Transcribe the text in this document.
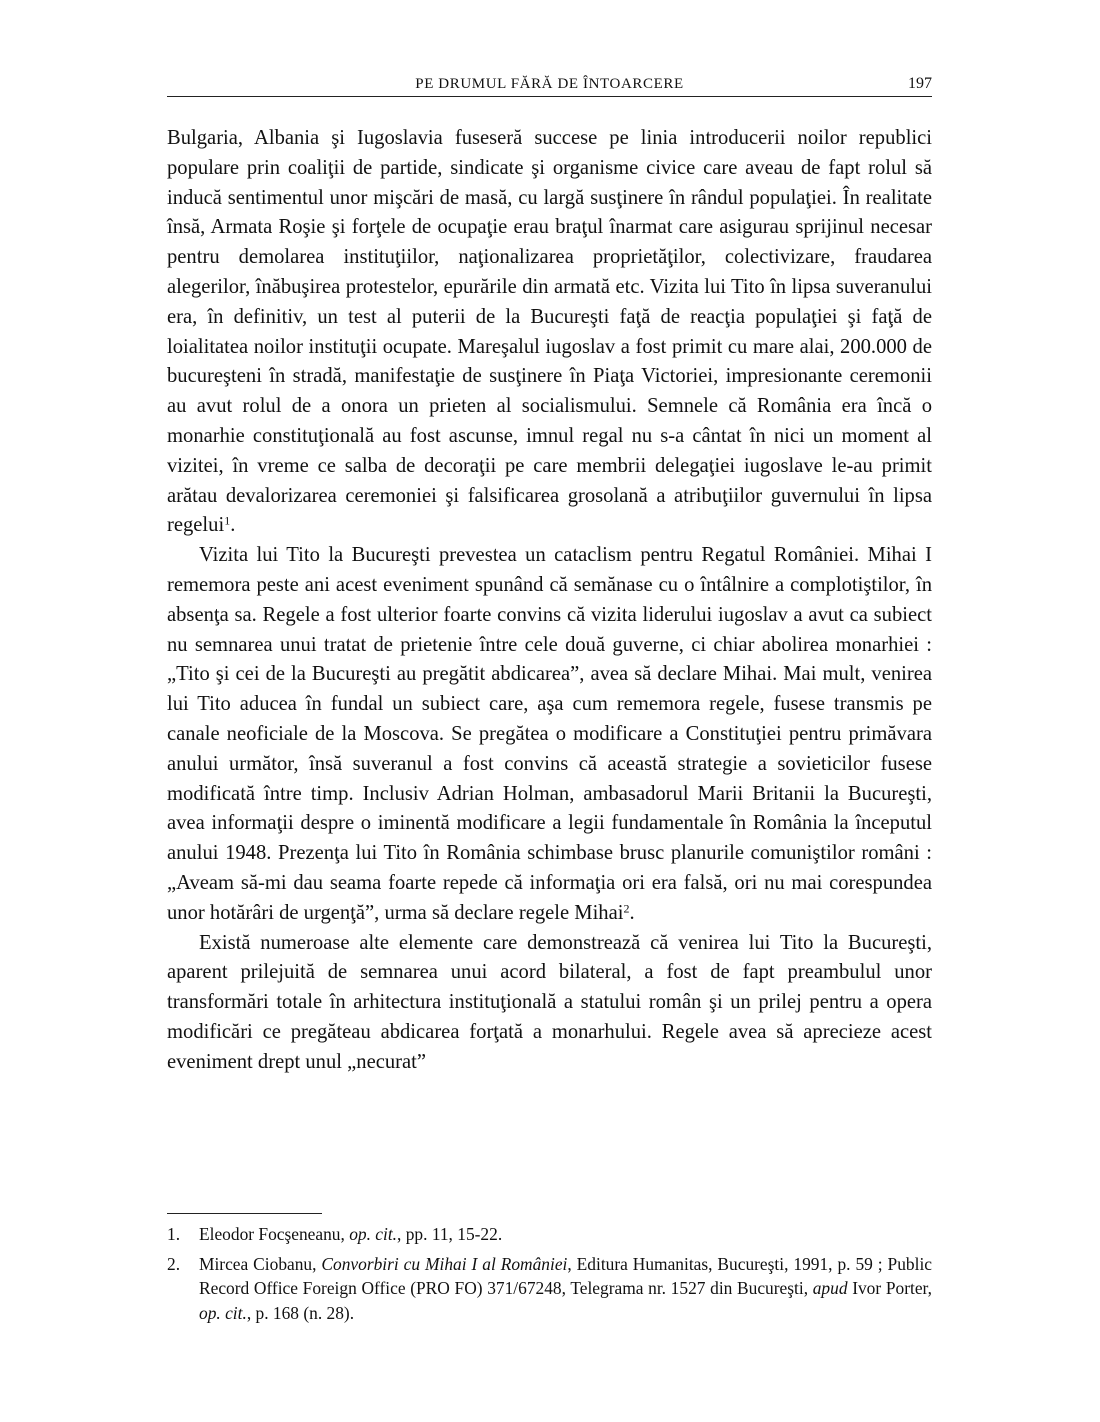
PE DRUMUL FĂRĂ DE ÎNTOARCERE	197

Bulgaria, Albania şi Iugoslavia fuseseră succese pe linia introducerii noilor republici populare prin coaliţii de partide, sindicate şi organisme civice care aveau de fapt rolul să inducă sentimentul unor mişcări de masă, cu largă susţinere în rândul populaţiei. În realitate însă, Armata Roşie şi forţele de ocupaţie erau braţul înarmat care asigurau sprijinul necesar pentru demolarea instituţiilor, naţionalizarea proprietăţilor, colectivizare, fraudarea alegerilor, înăbuşirea protestelor, epurările din armată etc. Vizita lui Tito în lipsa suveranului era, în definitiv, un test al puterii de la Bucureşti faţă de reacţia populaţiei şi faţă de loialitatea noilor instituţii ocupate. Mareşalul iugoslav a fost primit cu mare alai, 200.000 de bucureşteni în stradă, manifestaţie de susţinere în Piaţa Victoriei, impresionante ceremonii au avut rolul de a onora un prieten al socialismului. Semnele că România era încă o monarhie constituţională au fost ascunse, imnul regal nu s-a cântat în nici un moment al vizitei, în vreme ce salba de decoraţii pe care membrii delegaţiei iugoslave le-au primit arătau devalorizarea ceremoniei şi falsificarea grosolană a atribuţiilor guvernului în lipsa regelui$^1$.

Vizita lui Tito la Bucureşti prevestea un cataclism pentru Regatul României. Mihai I rememora peste ani acest eveniment spunând că semănase cu o întâlnire a complotiştilor, în absenţa sa. Regele a fost ulterior foarte convins că vizita liderului iugoslav a avut ca subiect nu semnarea unui tratat de prietenie între cele două guverne, ci chiar abolirea monarhiei : „Tito şi cei de la Bucureşti au pregătit abdicarea”, avea să declare Mihai. Mai mult, venirea lui Tito aducea în fundal un subiect care, aşa cum rememora regele, fusese transmis pe canale neoficiale de la Moscova. Se pregătea o modificare a Constituţiei pentru primăvara anului următor, însă suveranul a fost convins că această strategie a sovieticilor fusese modificată între timp. Inclusiv Adrian Holman, ambasadorul Marii Britanii la Bucureşti, avea informaţii despre o iminentă modificare a legii fundamentale în România la începutul anului 1948. Prezenţa lui Tito în România schimbase brusc planurile comuniştilor români : „Aveam să-mi dau seama foarte repede că informaţia ori era falsă, ori nu mai corespundea unor hotărâri de urgenţă”, urma să declare regele Mihai$^2$.

Există numeroase alte elemente care demonstrează că venirea lui Tito la Bucureşti, aparent prilejuită de semnarea unui acord bilateral, a fost de fapt preambulul unor transformări totale în arhitectura instituţională a statului român şi un prilej pentru a opera modificări ce pregăteau abdicarea forţată a monarhului. Regele avea să aprecieze acest eveniment drept unul „necurat”

1.	Eleodor Focşeneanu, op. cit., pp. 11, 15-22.
2.	Mircea Ciobanu, Convorbiri cu Mihai I al României, Editura Humanitas, Bucureşti, 1991, p. 59 ; Public Record Office Foreign Office (PRO FO) 371/67248, Telegrama nr. 1527 din Bucureşti, apud Ivor Porter, op. cit., p. 168 (n. 28).
